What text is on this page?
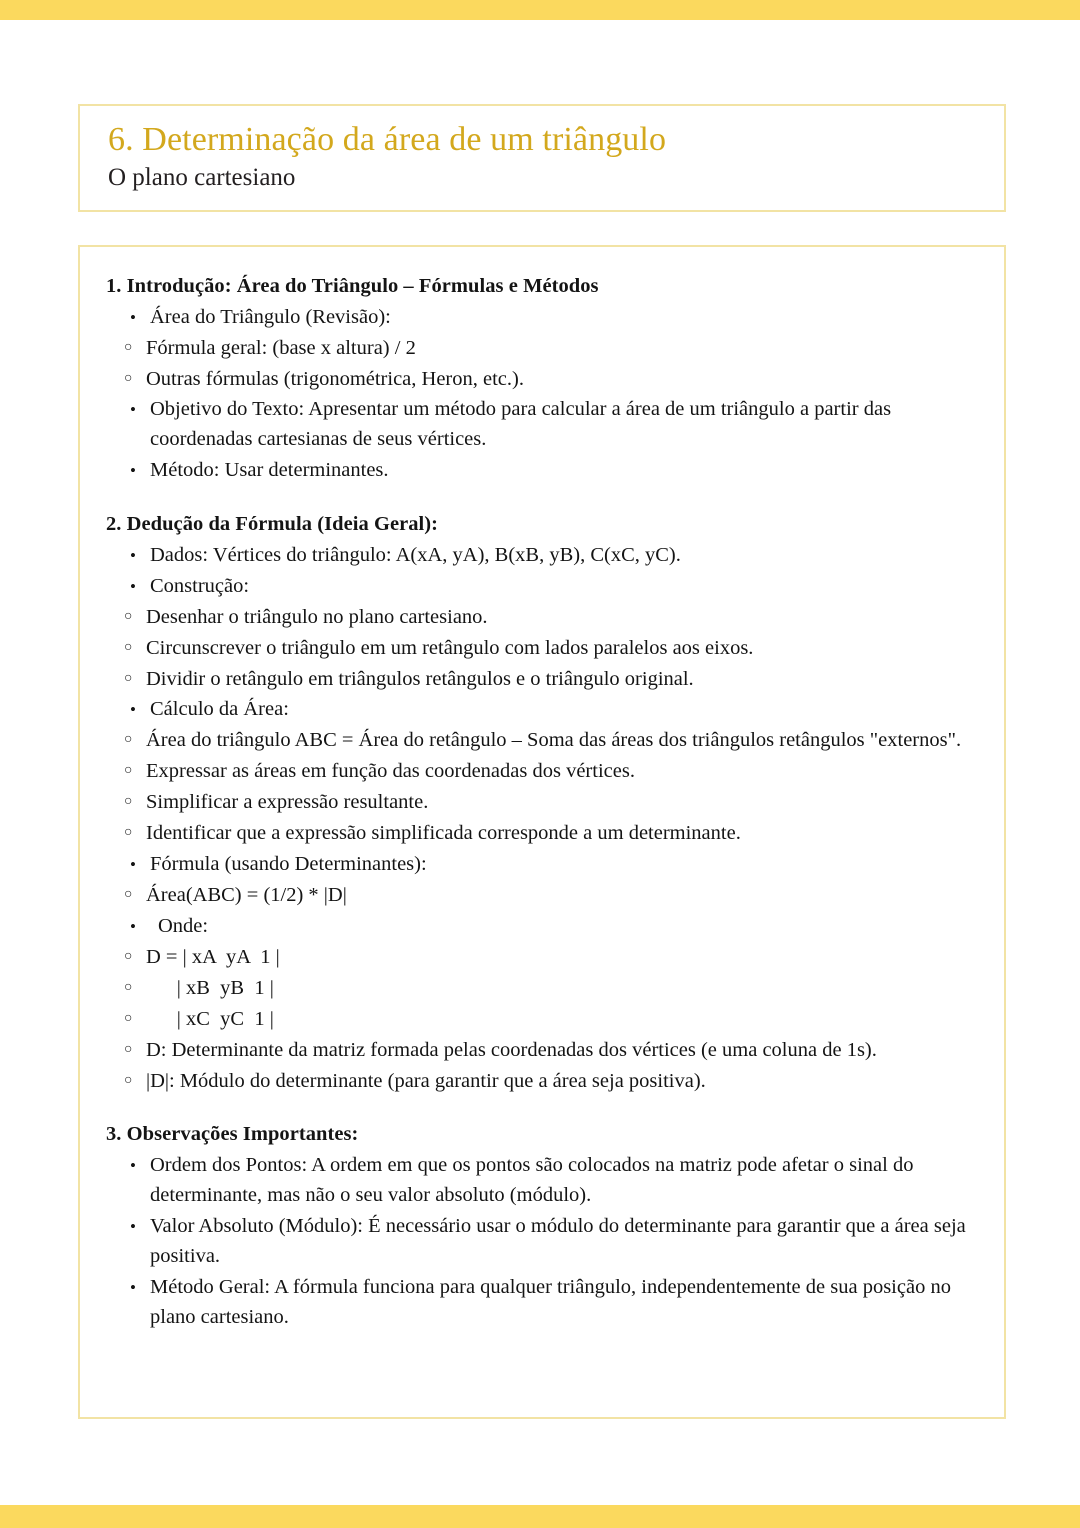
6. Determinação da área de um triângulo
O plano cartesiano
1. Introdução: Área do Triângulo – Fórmulas e Métodos
• Área do Triângulo (Revisão):
○ Fórmula geral: (base x altura) / 2
○ Outras fórmulas (trigonométrica, Heron, etc.).
• Objetivo do Texto: Apresentar um método para calcular a área de um triângulo a partir das coordenadas cartesianas de seus vértices.
• Método: Usar determinantes.
2. Dedução da Fórmula (Ideia Geral):
• Dados: Vértices do triângulo: A(xA, yA), B(xB, yB), C(xC, yC).
• Construção:
○ Desenhar o triângulo no plano cartesiano.
○ Circunscrever o triângulo em um retângulo com lados paralelos aos eixos.
○ Dividir o retângulo em triângulos retângulos e o triângulo original.
• Cálculo da Área:
○ Área do triângulo ABC = Área do retângulo – Soma das áreas dos triângulos retângulos "externos".
○ Expressar as áreas em função das coordenadas dos vértices.
○ Simplificar a expressão resultante.
○ Identificar que a expressão simplificada corresponde a um determinante.
• Fórmula (usando Determinantes):
○ Área(ABC) = (1/2) * |D|
• Onde:
○ D = | xA  yA  1 |
○ | xB  yB  1 |
○ | xC  yC  1 |
○ D: Determinante da matriz formada pelas coordenadas dos vértices (e uma coluna de 1s).
○ |D|: Módulo do determinante (para garantir que a área seja positiva).
3. Observações Importantes:
• Ordem dos Pontos: A ordem em que os pontos são colocados na matriz pode afetar o sinal do determinante, mas não o seu valor absoluto (módulo).
• Valor Absoluto (Módulo): É necessário usar o módulo do determinante para garantir que a área seja positiva.
• Método Geral: A fórmula funciona para qualquer triângulo, independentemente de sua posição no plano cartesiano.
